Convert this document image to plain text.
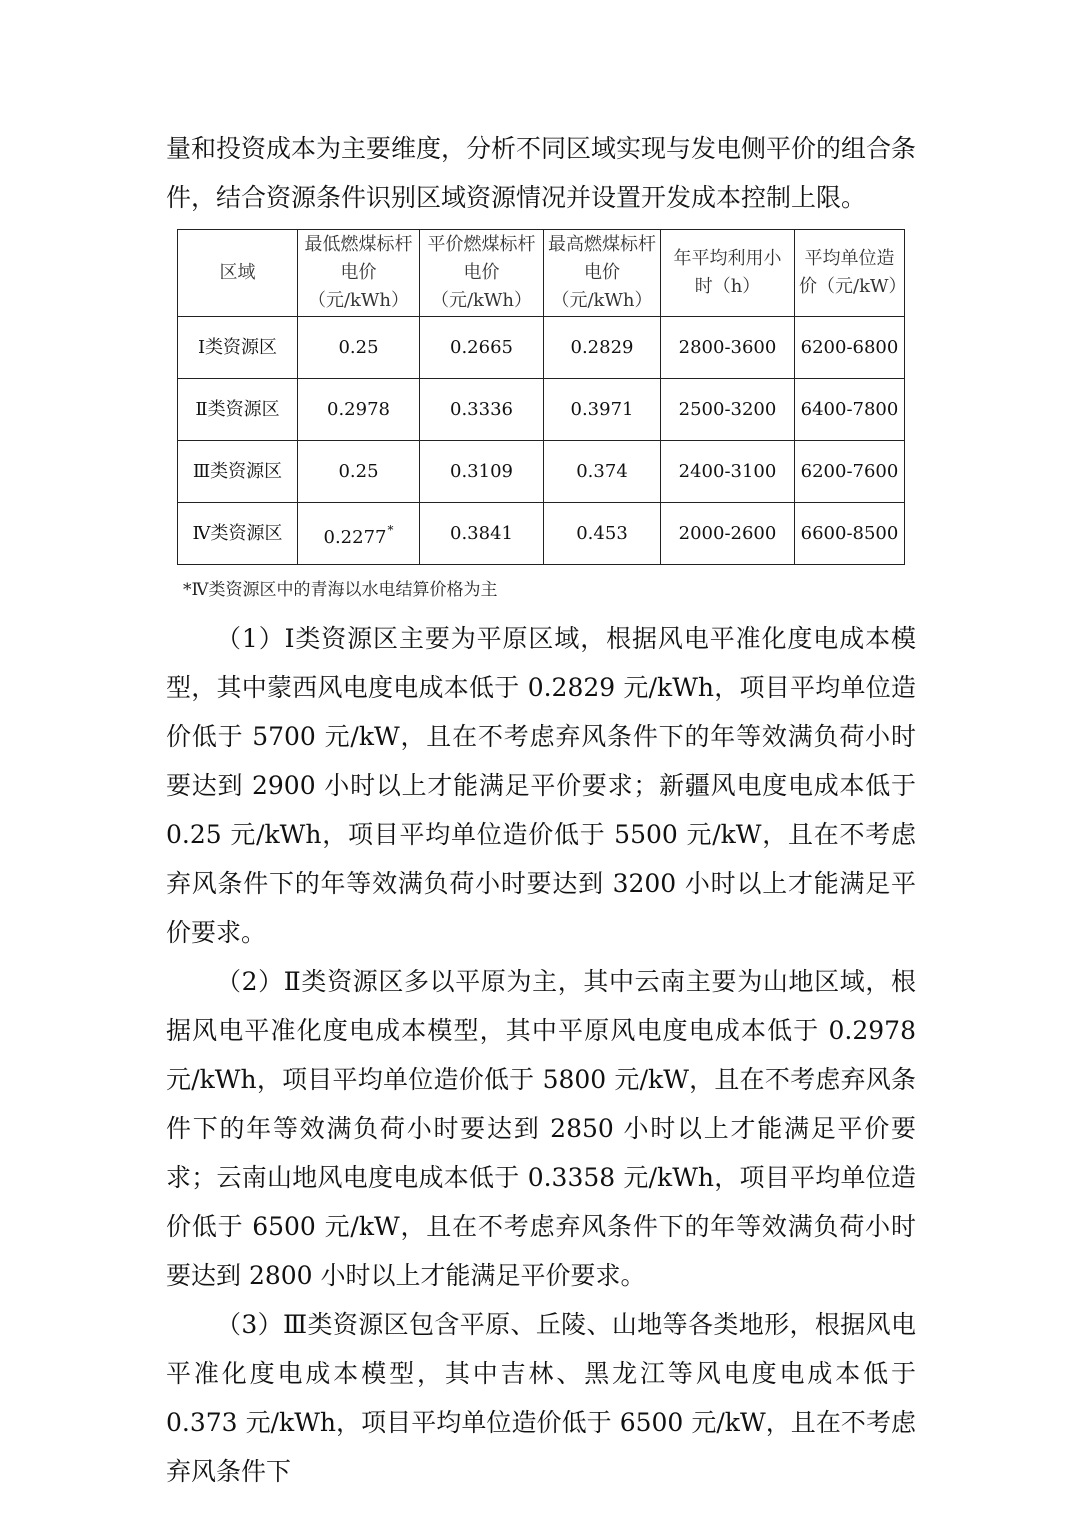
量和投资成本为主要维度，分析不同区域实现与发电侧平价的组合条件，结合资源条件识别区域资源情况并设置开发成本控制上限。

区域	最低燃煤标杆电价（元/kWh）	平价燃煤标杆电价（元/kWh）	最高燃煤标杆电价（元/kWh）	年平均利用小时（h）	平均单位造价（元/kW）
Ⅰ类资源区	0.25	0.2665	0.2829	2800-3600	6200-6800
Ⅱ类资源区	0.2978	0.3336	0.3971	2500-3200	6400-7800
Ⅲ类资源区	0.25	0.3109	0.374	2400-3100	6200-7600
Ⅳ类资源区	0.2277*	0.3841	0.453	2000-2600	6600-8500
*Ⅳ类资源区中的青海以水电结算价格为主

（1）Ⅰ类资源区主要为平原区域，根据风电平准化度电成本模型，其中蒙西风电度电成本低于 0.2829 元/kWh，项目平均单位造价低于 5700 元/kW，且在不考虑弃风条件下的年等效满负荷小时要达到 2900 小时以上才能满足平价要求；新疆风电度电成本低于 0.25 元/kWh，项目平均单位造价低于 5500 元/kW，且在不考虑弃风条件下的年等效满负荷小时要达到 3200 小时以上才能满足平价要求。

（2）Ⅱ类资源区多以平原为主，其中云南主要为山地区域，根据风电平准化度电成本模型，其中平原风电度电成本低于 0.2978 元/kWh，项目平均单位造价低于 5800 元/kW，且在不考虑弃风条件下的年等效满负荷小时要达到 2850 小时以上才能满足平价要求；云南山地风电度电成本低于 0.3358 元/kWh，项目平均单位造价低于 6500 元/kW，且在不考虑弃风条件下的年等效满负荷小时要达到 2800 小时以上才能满足平价要求。

（3）Ⅲ类资源区包含平原、丘陵、山地等各类地形，根据风电平准化度电成本模型，其中吉林、黑龙江等风电度电成本低于 0.373 元/kWh，项目平均单位造价低于 6500 元/kW，且在不考虑弃风条件下
